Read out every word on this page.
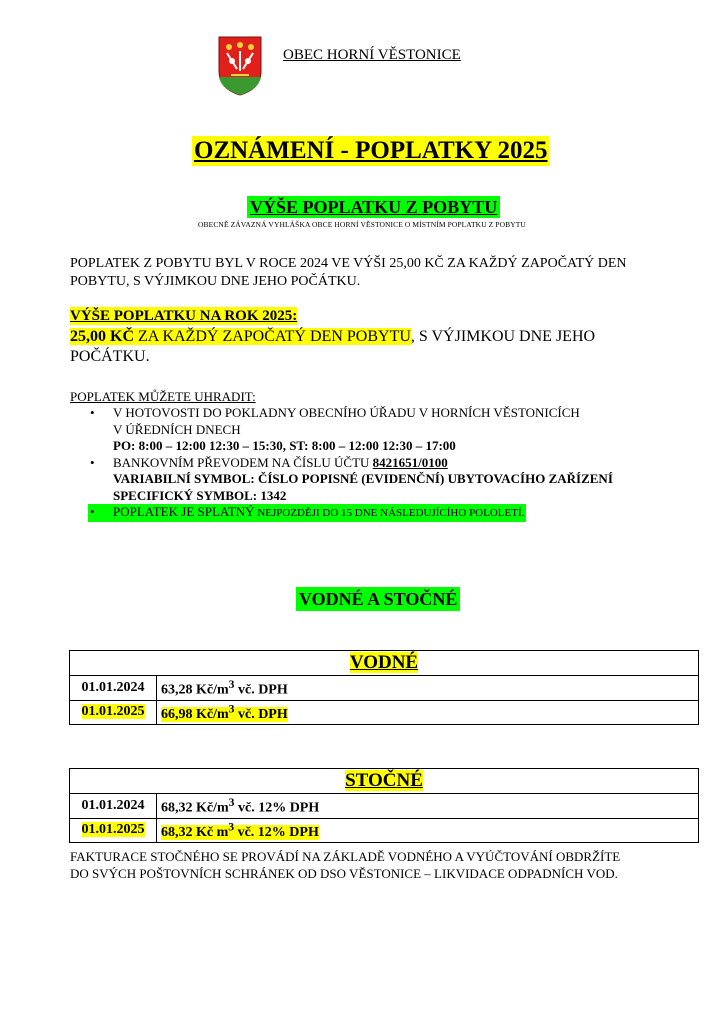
OBEC HORNÍ VĚSTONICE
OZNÁMENÍ - POPLATKY 2025
VÝŠE POPLATKU Z POBYTU
OBECNĚ ZÁVAZNÁ VYHLÁŠKA OBCE HORNÍ VĚSTONICE O MÍSTNÍM POPLATKU Z POBYTU
POPLATEK Z POBYTU BYL V ROCE 2024 VE VÝŠI 25,00 KČ ZA KAŽDÝ ZAPOČATÝ DEN
POBYTU, S VÝJIMKOU DNE JEHO POČÁTKU.
VÝŠE POPLATKU NA ROK 2025:
25,00 KČ ZA KAŽDÝ ZAPOČATÝ DEN POBYTU, S VÝJIMKOU DNE JEHO
POČÁTKU.
POPLATEK MŮŽETE UHRADIT:
• V HOTOVOSTI DO POKLADNY OBECNÍHO ÚŘADU V HORNÍCH VĚSTONICÍCH
V ÚŘEDNÍCH DNECH
PO: 8:00 – 12:00 12:30 – 15:30, ST: 8:00 – 12:00 12:30 – 17:00
• BANKOVNÍM PŘEVODEM NA ČÍSLU ÚČTU 8421651/0100
VARIABILNÍ SYMBOL: ČÍSLO POPISNÉ (EVIDENČNÍ) UBYTOVACÍHO ZAŘÍZENÍ
SPECIFICKÝ SYMBOL: 1342
• POPLATEK JE SPLATNÝ NEJPOZDĚJI DO 15 DNE NÁSLEDUJÍCÍHO POLOLETÍ.
VODNÉ A STOČNÉ
VODNÉ	
01.01.2024	63,28 $Kč/m^3$ vč. DPH
01.01.2025	66,98 $Kč/m^3$ vč. DPH
STOČNÉ	
01.01.2024	68,32 $Kč/m^3$ vč. 12% DPH
01.01.2025	68,32 Kč $m^3$ vč. 12% DPH
FAKTURACE STOČNÉHO SE PROVÁDÍ NA ZÁKLADĚ VODNÉHO A VYÚČTOVÁNÍ OBDRŽÍTE
DO SVÝCH POŠTOVNÍCH SCHRÁNEK OD DSO VĚSTONICE – LIKVIDACE ODPADNÍCH VOD.
